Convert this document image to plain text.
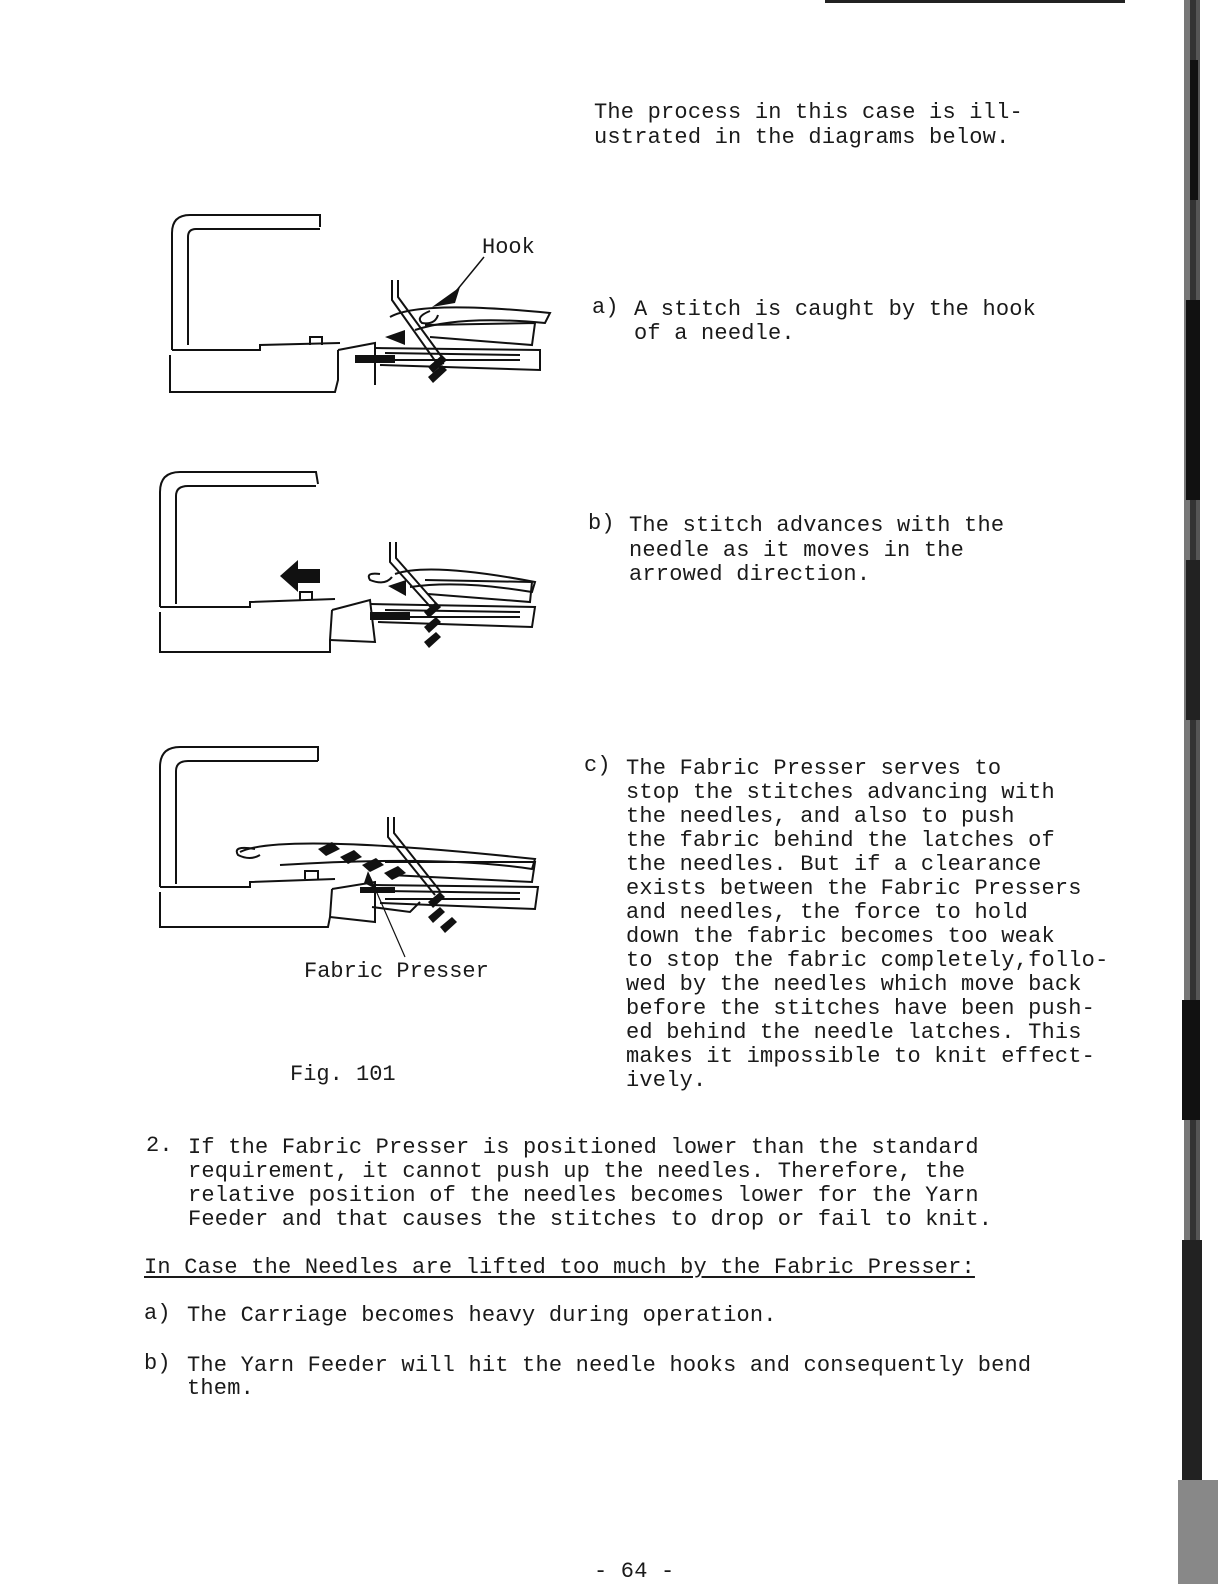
The process in this case is ill-
ustrated in the diagrams below.
Hook
a) A stitch is caught by the hook
of a needle.
b) The stitch advances with the
needle as it moves in the
arrowed direction.
Fabric Presser
Fig. 101
c) The Fabric Presser serves to
stop the stitches advancing with
the needles, and also to push
the fabric behind the latches of
the needles. But if a clearance
exists between the Fabric Pressers
and needles, the force to hold
down the fabric becomes too weak
to stop the fabric completely,follo-
wed by the needles which move back
before the stitches have been push-
ed behind the needle latches. This
makes it impossible to knit effect-
ively.
2. If the Fabric Presser is positioned lower than the standard
requirement, it cannot push up the needles. Therefore, the
relative position of the needles becomes lower for the Yarn
Feeder and that causes the stitches to drop or fail to knit.
In Case the Needles are lifted too much by the Fabric Presser:
a) The Carriage becomes heavy during operation.
b) The Yarn Feeder will hit the needle hooks and consequently bend
them.
- 64 -
